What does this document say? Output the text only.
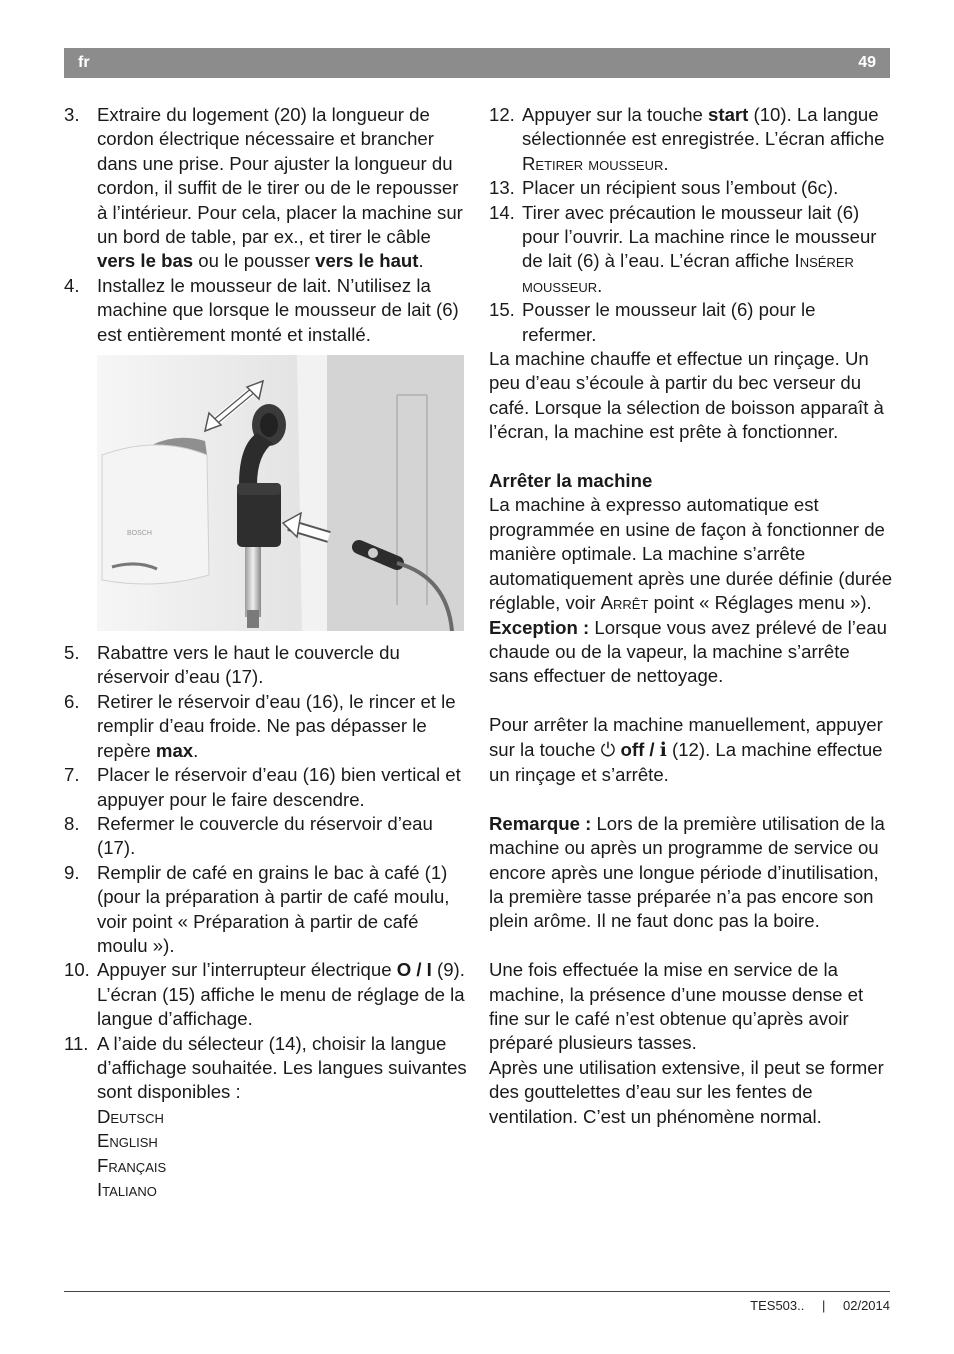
fr	49
3. Extraire du logement (20) la longueur de cordon électrique nécessaire et brancher dans une prise. Pour ajuster la longueur du cordon, il suffit de le tirer ou de le repousser à l’intérieur. Pour cela, placer la machine sur un bord de table, par ex., et tirer le câble vers le bas ou le pousser vers le haut.
4. Installez le mousseur de lait. N’utilisez la machine que lorsque le mousseur de lait (6) est entièrement monté et installé.
BOSCH
5. Rabattre vers le haut le couvercle du réservoir d’eau (17).
6. Retirer le réservoir d’eau (16), le rincer et le remplir d’eau froide. Ne pas dépasser le repère max.
7. Placer le réservoir d’eau (16) bien vertical et appuyer pour le faire descendre.
8. Refermer le couvercle du réservoir d’eau (17).
9. Remplir de café en grains le bac à café (1) (pour la préparation à partir de café moulu, voir point « Préparation à partir de café moulu »).
10. Appuyer sur l’interrupteur électrique O / I (9). L’écran (15) affiche le menu de réglage de la langue d’affichage.
11. A l’aide du sélecteur (14), choisir la langue d’affichage souhaitée. Les langues suivantes sont disponibles :
Deutsch
English
Français
Italiano
12. Appuyer sur la touche start (10). La langue sélectionnée est enregistrée. L’écran affiche Retirer mousseur.
13. Placer un récipient sous l’embout (6c).
14. Tirer avec précaution le mousseur lait (6) pour l’ouvrir. La machine rince le mousseur de lait (6) à l’eau. L’écran affiche Insérer mousseur.
15. Pousser le mousseur lait (6) pour le refermer.

La machine chauffe et effectue un rinçage. Un peu d’eau s’écoule à partir du bec verseur du café. Lorsque la sélection de boisson apparaît à l’écran, la machine est prête à fonctionner.

Arrêter la machine

La machine à expresso automatique est programmée en usine de façon à fonctionner de manière optimale. La machine s’arrête automatiquement après une durée définie (durée réglable, voir Arrêt point « Réglages menu »).

Exception : Lorsque vous avez prélevé de l’eau chaude ou de la vapeur, la machine s’arrête sans effectuer de nettoyage.

Pour arrêter la machine manuellement, appuyer sur la touche ⏻ off / i (12). La machine effectue un rinçage et s’arrête.

Remarque : Lors de la première utilisation de la machine ou après un programme de service ou encore après une longue période d’inutilisation, la première tasse préparée n’a pas encore son plein arôme. Il ne faut donc pas la boire.

Une fois effectuée la mise en service de la machine, la présence d’une mousse dense et fine sur le café n’est obtenue qu’après avoir préparé plusieurs tasses.

Après une utilisation extensive, il peut se former des gouttelettes d’eau sur les fentes de ventilation. C’est un phénomène normal.

TES503.. | 02/2014
